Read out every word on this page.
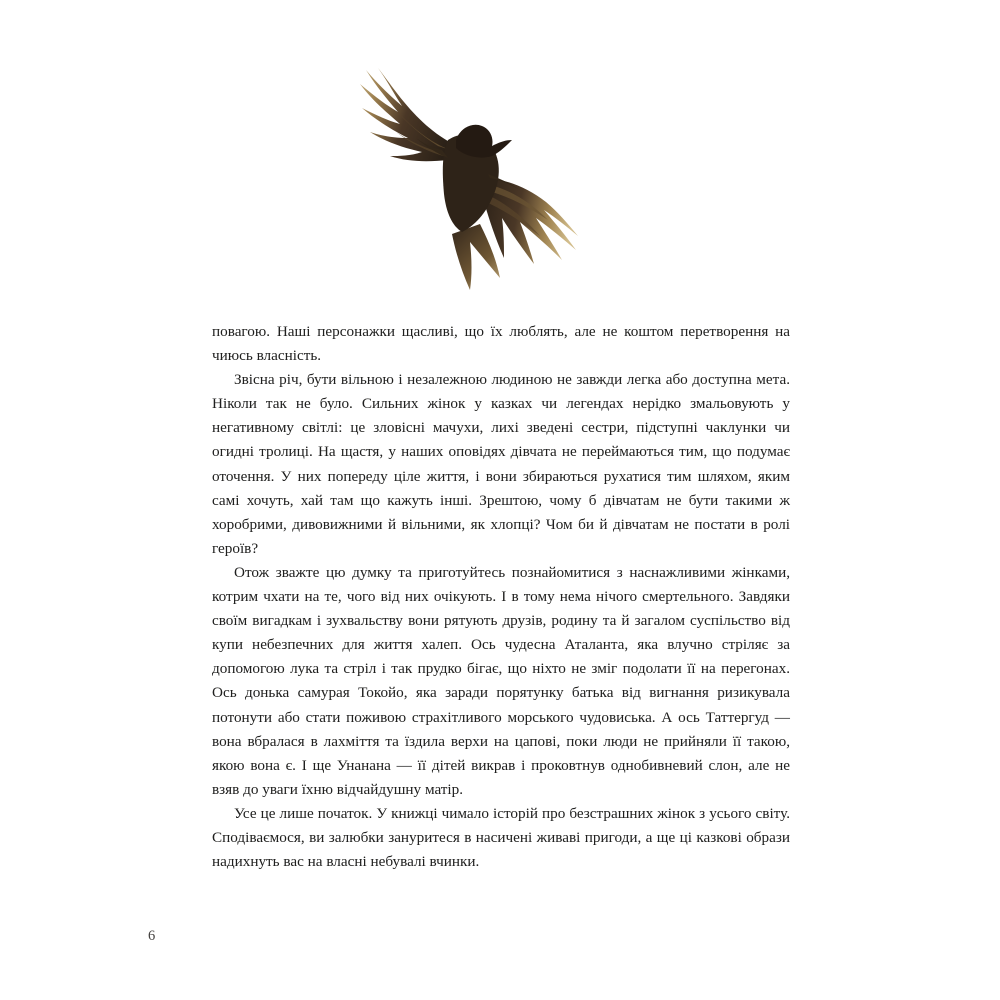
повагою. Наші персонажки щасливі, що їх люблять, але не коштом перетворення на чиюсь власність.

Звісна річ, бути вільною і незалежною людиною не завжди легка або доступна мета. Ніколи так не було. Сильних жінок у казках чи легендах нерідко змальовують у негативному світлі: це зловісні мачухи, лихі зведені сестри, підступні чаклунки чи огидні тролиці. На щастя, у наших оповідях дівчата не переймаються тим, що подумає оточення. У них попереду ціле життя, і вони збираються рухатися тим шляхом, яким самі хочуть, хай там що кажуть інші. Зрештою, чому б дівчатам не бути такими ж хоробрими, дивовижними й вільними, як хлопці? Чом би й дівчатам не постати в ролі героїв?

Отож зважте цю думку та приготуйтесь познайомитися з наснажливими жінками, котрим чхати на те, чого від них очікують. І в тому нема нічого смертельного. Завдяки своїм вигадкам і зухвальству вони рятують друзів, родину та й загалом суспільство від купи небезпечних для життя халеп. Ось чудесна Аталанта, яка влучно стріляє за допомогою лука та стріл і так прудко бігає, що ніхто не зміг подолати її на перегонах. Ось донька самурая Токойо, яка заради порятунку батька від вигнання ризикувала потонути або стати поживою страхітливого морського чудовиська. А ось Таттергуд — вона вбралася в лахміття та їздила верхи на цапові, поки люди не прийняли її такою, якою вона є. І ще Унанана — її дітей викрав і проковтнув однобивневий слон, але не взяв до уваги їхню відчайдушну матір.

Усе це лише початок. У книжці чимало історій про безстрашних жінок з усього світу. Сподіваємося, ви залюбки зануритеся в насичені живаві пригоди, а ще ці казкові образи надихнуть вас на власні небувалі вчинки.

6
